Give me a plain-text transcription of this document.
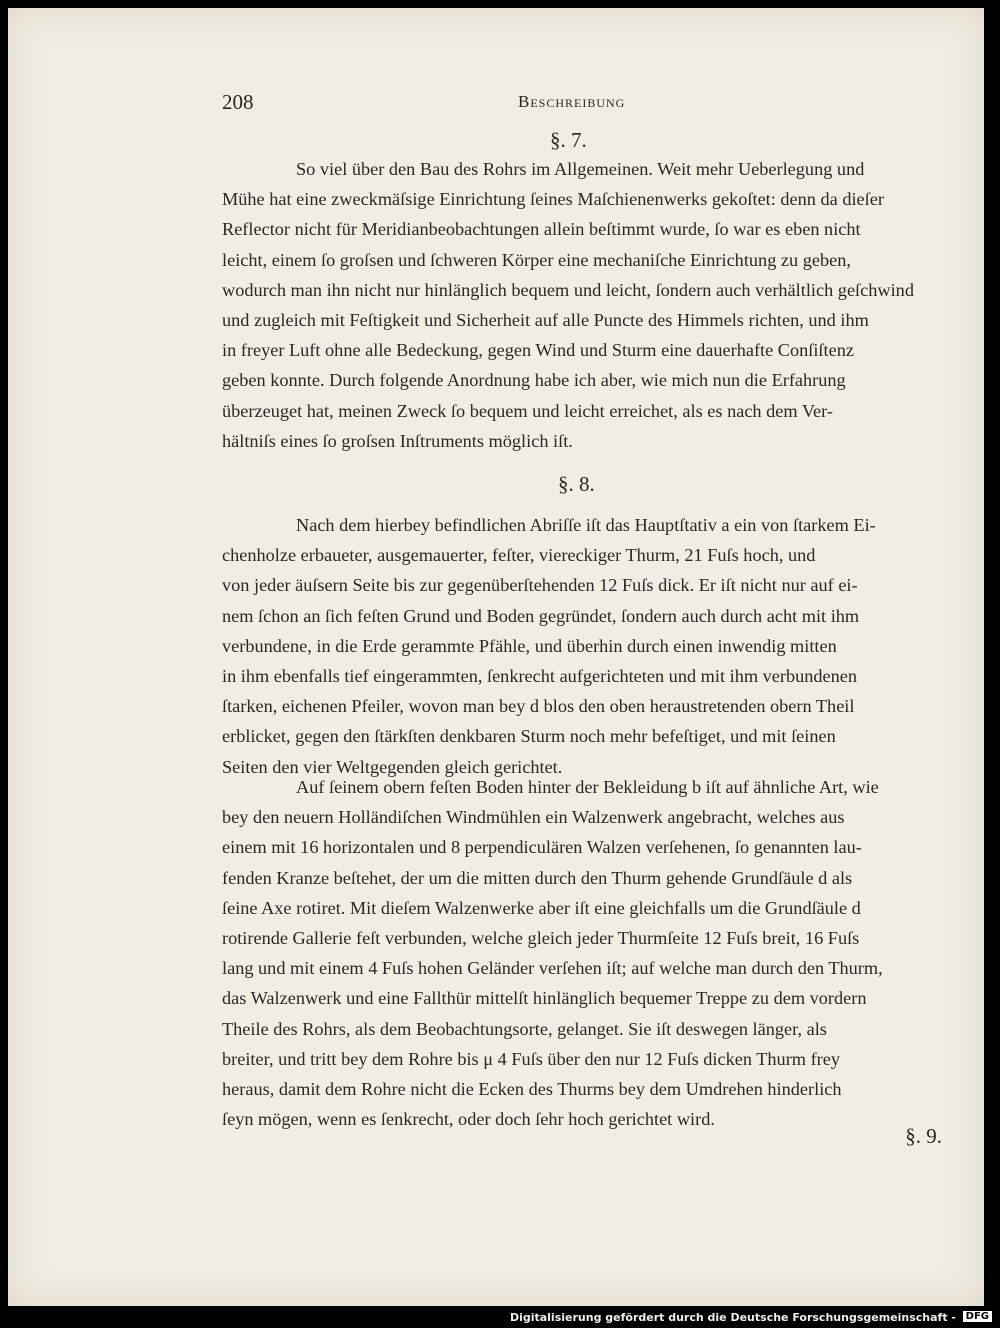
208	Beschreibung
§. 7.

So viel über den Bau des Rohrs im Allgemeinen. Weit mehr Ueberlegung und
Mühe hat eine zweckmäſsige Einrichtung ſeines Maſchienenwerks gekoſtet: denn da dieſer
Reflector nicht für Meridianbeobachtungen allein beſtimmt wurde, ſo war es eben nicht
leicht, einem ſo groſsen und ſchweren Körper eine mechaniſche Einrichtung zu geben,
wodurch man ihn nicht nur hinlänglich bequem und leicht, ſondern auch verhältlich geſchwind
und zugleich mit Feſtigkeit und Sicherheit auf alle Puncte des Himmels richten, und ihm
in freyer Luft ohne alle Bedeckung, gegen Wind und Sturm eine dauerhafte Conſiſtenz
geben konnte. Durch folgende Anordnung habe ich aber, wie mich nun die Erfahrung
überzeuget hat, meinen Zweck ſo bequem und leicht erreichet, als es nach dem Ver-
hältniſs eines ſo groſsen Inſtruments möglich iſt.

§. 8.

Nach dem hierbey befindlichen Abriſſe iſt das Hauptſtativ a ein von ſtarkem Ei-
chenholze erbaueter, ausgemauerter, feſter, viereckiger Thurm, 21 Fuſs hoch, und
von jeder äuſsern Seite bis zur gegenüberſtehenden 12 Fuſs dick. Er iſt nicht nur auf ei-
nem ſchon an ſich feſten Grund und Boden gegründet, ſondern auch durch acht mit ihm
verbundene, in die Erde gerammte Pfähle, und überhin durch einen inwendig mitten
in ihm ebenfalls tief eingerammten, ſenkrecht aufgerichteten und mit ihm verbundenen
ſtarken, eichenen Pfeiler, wovon man bey d blos den oben heraustretenden obern Theil
erblicket, gegen den ſtärkſten denkbaren Sturm noch mehr befeſtiget, und mit ſeinen
Seiten den vier Weltgegenden gleich gerichtet.

Auf ſeinem obern feſten Boden hinter der Bekleidung b iſt auf ähnliche Art, wie
bey den neuern Holländiſchen Windmühlen ein Walzenwerk angebracht, welches aus
einem mit 16 horizontalen und 8 perpendiculären Walzen verſehenen, ſo genannten lau-
fenden Kranze beſtehet, der um die mitten durch den Thurm gehende Grundſäule d als
ſeine Axe rotiret. Mit dieſem Walzenwerke aber iſt eine gleichfalls um die Grundſäule d
rotirende Gallerie feſt verbunden, welche gleich jeder Thurmſeite 12 Fuſs breit, 16 Fuſs
lang und mit einem 4 Fuſs hohen Geländer verſehen iſt; auf welche man durch den Thurm,
das Walzenwerk und eine Fallthür mittelſt hinlänglich bequemer Treppe zu dem vordern
Theile des Rohrs, als dem Beobachtungsorte, gelanget. Sie iſt deswegen länger, als
breiter, und tritt bey dem Rohre bis μ 4 Fuſs über den nur 12 Fuſs dicken Thurm frey
heraus, damit dem Rohre nicht die Ecken des Thurms bey dem Umdrehen hinderlich
ſeyn mögen, wenn es ſenkrecht, oder doch ſehr hoch gerichtet wird.

§. 9.
Digitalisierung gefördert durch die Deutsche Forschungsgemeinschaft - DFG
